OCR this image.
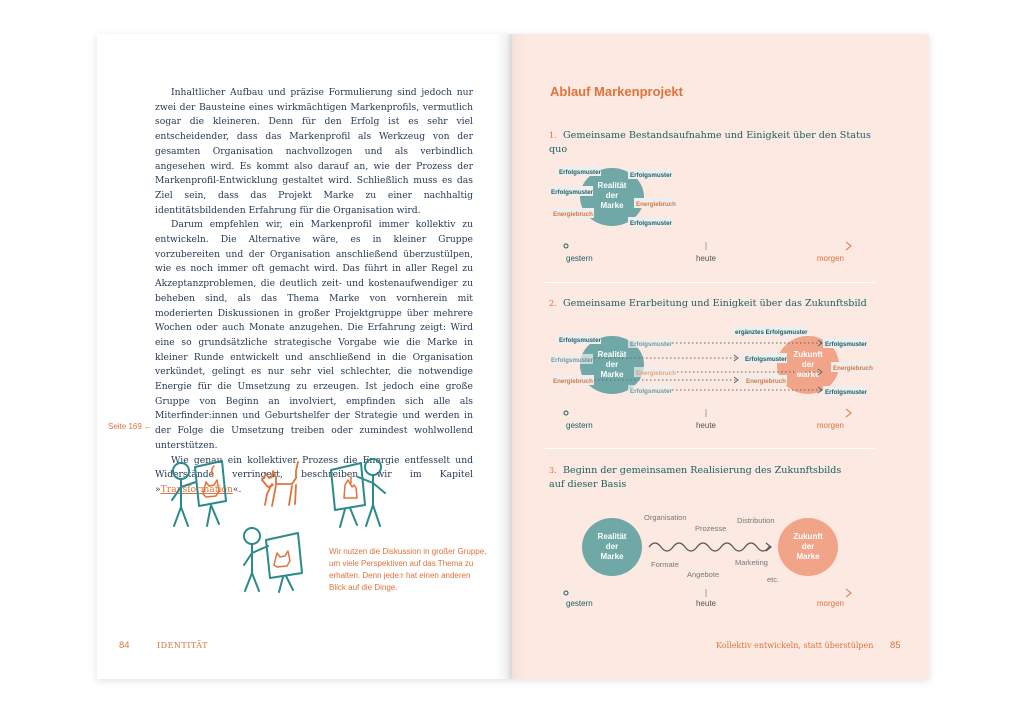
Inhaltlicher Aufbau und präzise Formulierung sind jedoch nur zwei der Bausteine eines wirkmächtigen Markenprofils, vermutlich sogar die kleineren. Denn für den Erfolg ist es sehr viel entscheidender, dass das Markenprofil als Werkzeug von der gesamten Organisation nachvollzogen und als verbindlich angesehen wird. Es kommt also darauf an, wie der Prozess der Markenprofil-Entwicklung gestaltet wird. Schließlich muss es das Ziel sein, dass das Projekt Marke zu einer nachhaltig identitätsbildenden Erfahrung für die Organisation wird.

Darum empfehlen wir, ein Markenprofil immer kollektiv zu entwickeln. Die Alternative wäre, es in kleiner Gruppe vorzubereiten und der Organisation anschließend überzustülpen, wie es noch immer oft gemacht wird. Das führt in aller Regel zu Akzeptanzproblemen, die deutlich zeit- und kostenaufwendiger zu beheben sind, als das Thema Marke von vornherein mit moderierten Diskussionen in großer Projektgruppe über mehrere Wochen oder auch Monate anzugehen. Die Erfahrung zeigt: Wird eine so grundsätzliche strategische Vorgabe wie die Marke in kleiner Runde entwickelt und anschließend in die Organisation verkündet, gelingt es nur sehr viel schlechter, die notwendige Energie für die Umsetzung zu erzeugen. Ist jedoch eine große Gruppe von Beginn an involviert, empfinden sich alle als Miterfinder:innen und Geburtshelfer der Strategie und werden in der Folge die Umsetzung treiben oder zumindest wohlwollend unterstützen.

Wie genau ein kollektiver Prozess die Energie entfesselt und Widerstände verringert, beschreiben wir im Kapitel »Transformation«.

Seite 169 ←
Wir nutzen die Diskussion in großer Gruppe, um viele Perspektiven auf das Thema zu erhalten. Denn jede:r hat einen anderen Blick auf die Dinge.
84	IDENTITÄT
Ablauf Markenprojekt
1. Gemeinsame Bestandsaufnahme und Einigkeit über den Status quo
2. Gemeinsame Erarbeitung und Einigkeit über das Zukunftsbild
3. Beginn der gemeinsamen Realisierung des Zukunftsbilds auf dieser Basis
Realität
der
Marke
Erfolgsmuster	Erfolgsmuster
Erfolgsmuster
Energiebruch
Energiebruch
Erfolgsmuster
gestern	heute	morgen
Realität
der
Marke
Zukunft
der
Marke
Erfolgsmuster
Erfolgsmuster
Erfolgsmuster
Energiebruch
Energiebruch
Erfolgsmuster
ergänztes Erfolgsmuster
Erfolgsmuster
Erfolgsmuster
Energiebruch
Energiebruch
Erfolgsmuster
gestern	heute	morgen
Realität
der
Marke
Zukunft
der
Marke
Organisation
Prozesse
Distribution
Formate
Angebote
Marketing
etc.
gestern	heute	morgen
Kollektiv entwickeln, statt überstülpen 85
